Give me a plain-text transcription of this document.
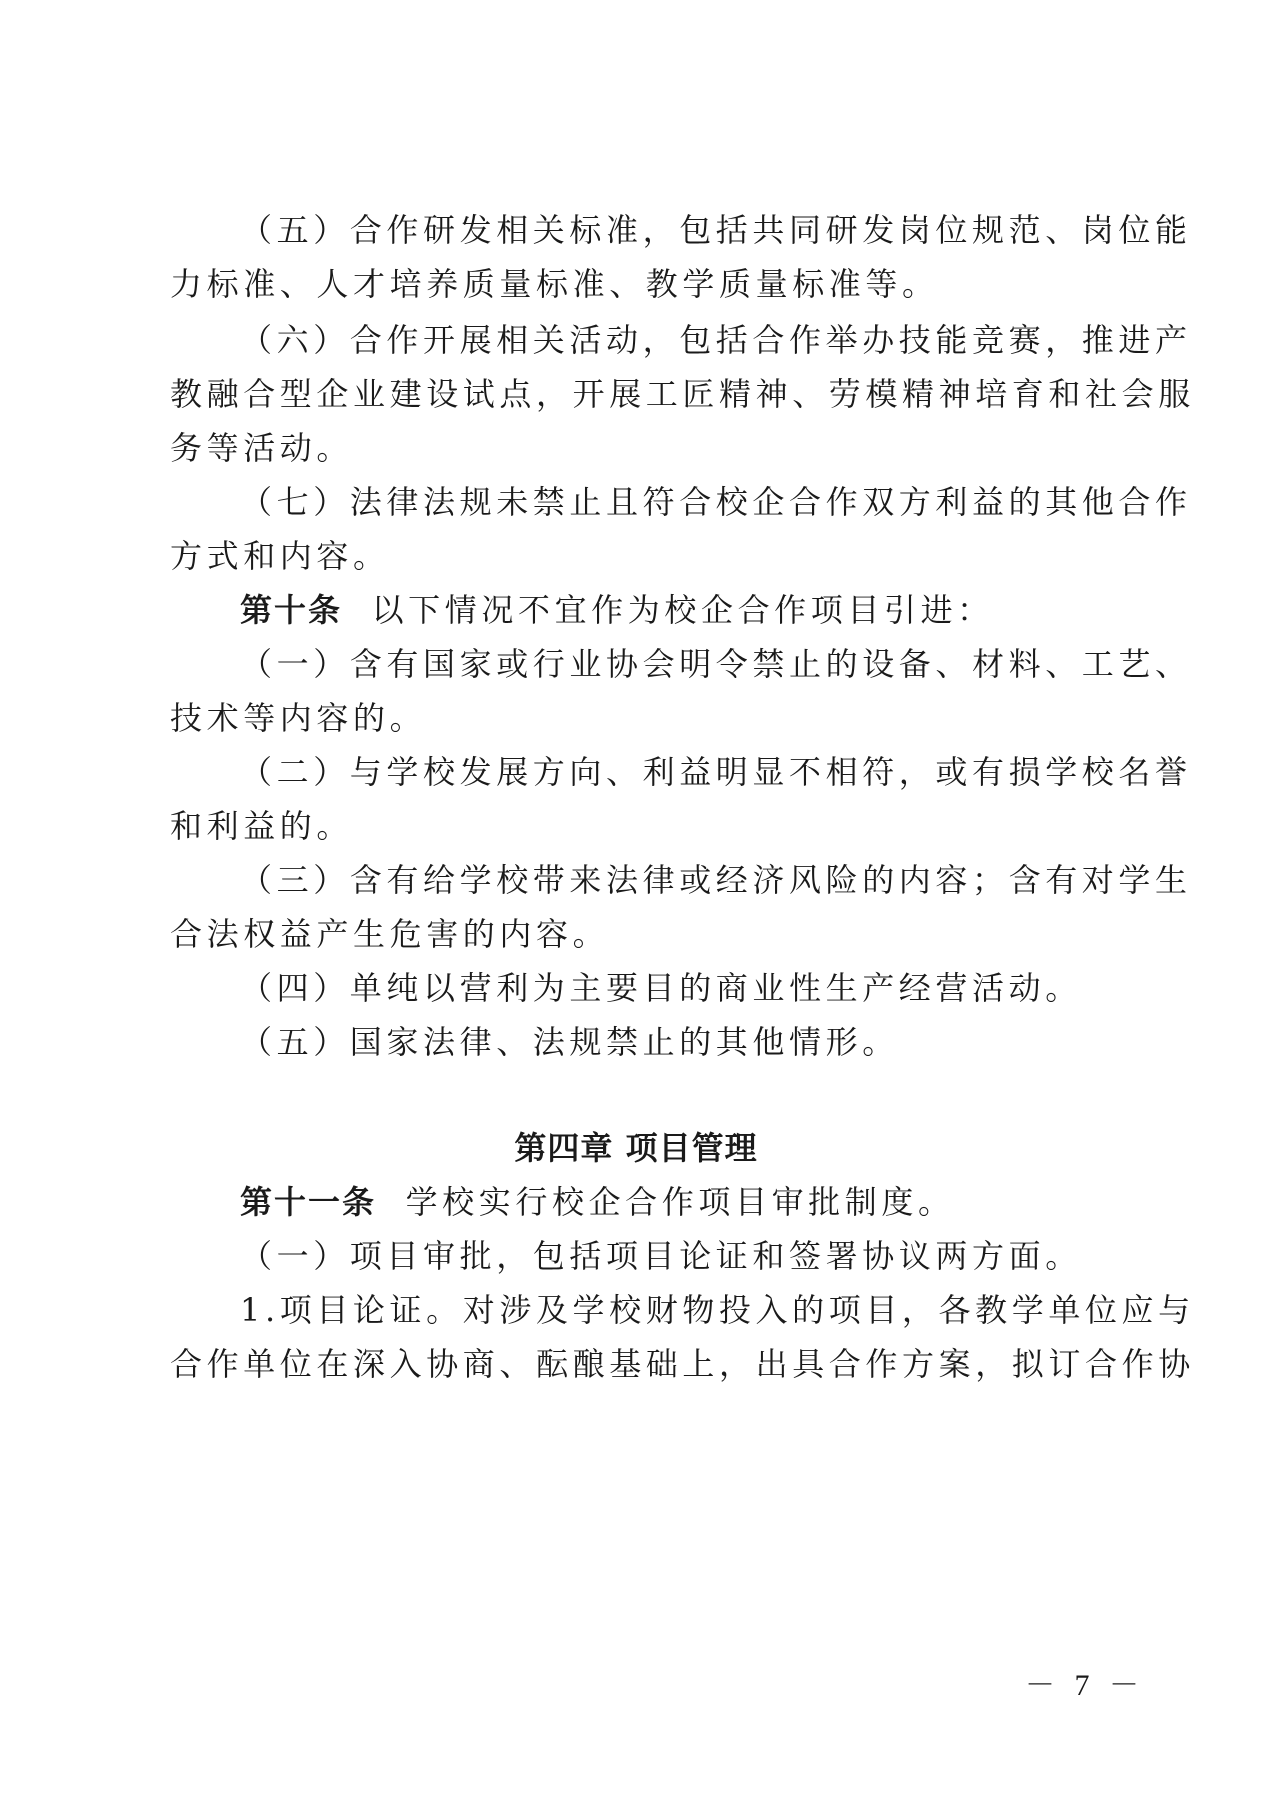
（五）合作研发相关标准，包括共同研发岗位规范、岗位能
力标准、人才培养质量标准、教学质量标准等。
（六）合作开展相关活动，包括合作举办技能竞赛，推进产
教融合型企业建设试点，开展工匠精神、劳模精神培育和社会服
务等活动。
（七）法律法规未禁止且符合校企合作双方利益的其他合作
方式和内容。
第十条 以下情况不宜作为校企合作项目引进：
（一）含有国家或行业协会明令禁止的设备、材料、工艺、
技术等内容的。
（二）与学校发展方向、利益明显不相符，或有损学校名誉
和利益的。
（三）含有给学校带来法律或经济风险的内容；含有对学生
合法权益产生危害的内容。
（四）单纯以营利为主要目的商业性生产经营活动。
（五）国家法律、法规禁止的其他情形。
第四章 项目管理
第十一条 学校实行校企合作项目审批制度。
（一）项目审批，包括项目论证和签署协议两方面。
1.项目论证。对涉及学校财物投入的项目，各教学单位应与
合作单位在深入协商、酝酿基础上，出具合作方案，拟订合作协
－ 7 －
